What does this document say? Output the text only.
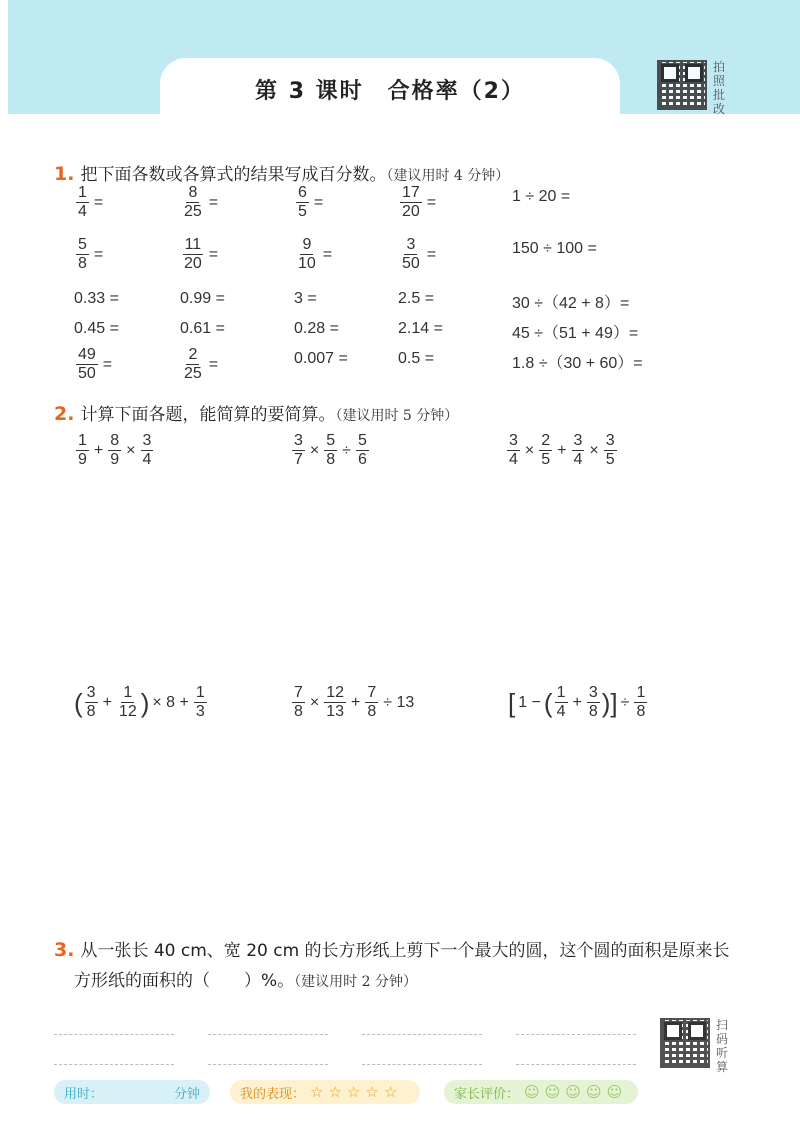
第 3 课时　合格率（2）
拍照批改
1. 把下面各数或各算式的结果写成百分数。（建议用时 4 分钟）
$\frac{1}{4}$ =	$\frac{8}{25}$ =	$\frac{6}{5}$ =	$\frac{17}{20}$ =	1 ÷ 20 =
$\frac{5}{8}$ =	$\frac{11}{20}$ =	$\frac{9}{10}$ =	$\frac{3}{50}$ =	150 ÷ 100 =
0.33 =	0.99 =	3 =	2.5 =	30 ÷（42 + 8）=
0.45 =	0.61 =	0.28 =	2.14 =	45 ÷（51 + 49）=
$\frac{49}{50}$ =	$\frac{2}{25}$ =	0.007 =	0.5 =	1.8 ÷（30 + 60）=
2. 计算下面各题，能简算的要简算。（建议用时 5 分钟）
$\frac{1}{9} + \frac{8}{9} \times \frac{3}{4}$	$\frac{3}{7} \times \frac{5}{8} \div \frac{5}{6}$	$\frac{3}{4} \times \frac{2}{5} + \frac{3}{4} \times \frac{3}{5}$
( $\frac{3}{8} + \frac{1}{12}$ ) × $8 + \frac{1}{3}$	$\frac{7}{8} \times \frac{12}{13} + \frac{7}{8} \div 13$	[ 1 − ( $\frac{1}{4} + \frac{3}{8}$ ) ] ÷ $\frac{1}{8}$
3. 从一张长 40 cm、宽 20 cm 的长方形纸上剪下一个最大的圆，这个圆的面积是原来长
方形纸的面积的（　　）%。（建议用时 2 分钟）
扫码听算
用时：	分钟	我的表现： ☆ ☆ ☆ ☆ ☆	家长评价： ☺ ☺ ☺ ☺ ☺
